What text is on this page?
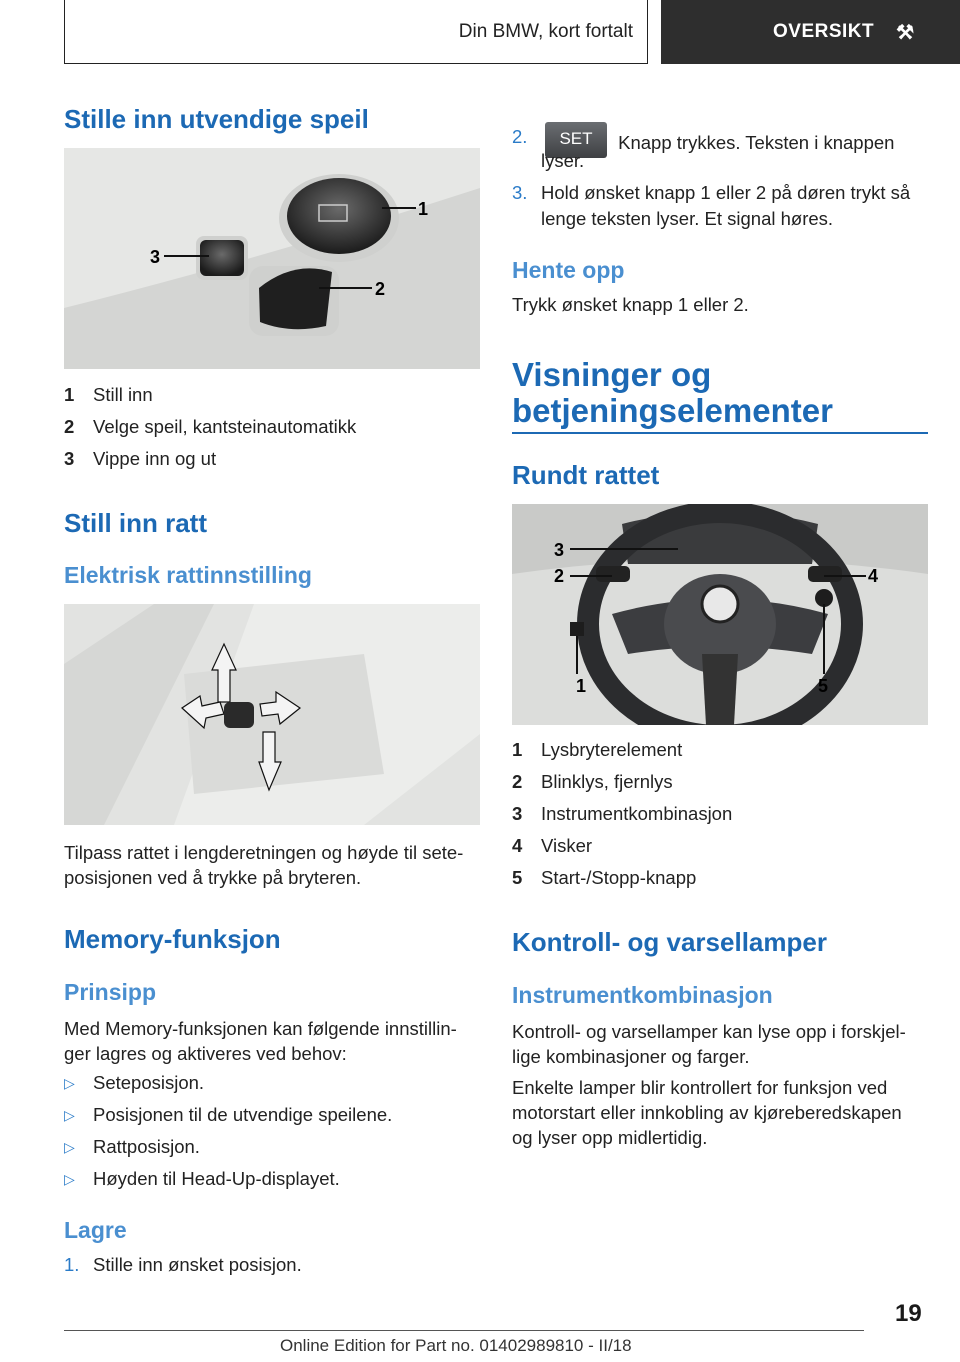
Din BMW, kort fortalt	OVERSIKT ⚒
Stille inn utvendige speil
1
2
3
1 Still inn
2 Velge speil, kantsteinautomatikk
3 Vippe inn og ut
Still inn ratt
Elektrisk rattinnstilling
Tilpass rattet i lengderetningen og høyde til sete-
posisjonen ved å trykke på bryteren.
Memory-funksjon
Prinsipp
Med Memory-funksjonen kan følgende innstillin-
ger lagres og aktiveres ved behov:
▷ Seteposisjon.
▷ Posisjonen til de utvendige speilene.
▷ Rattposisjon.
▷ Høyden til Head-Up-displayet.
Lagre
1. Stille inn ønsket posisjon.
2.	SET Knapp trykkes. Teksten i knappen
lyser.
3. Hold ønsket knapp 1 eller 2 på døren trykt så
lenge teksten lyser. Et signal høres.
Hente opp
Trykk ønsket knapp 1 eller 2.
Visninger og
betjeningselementer
Rundt rattet
1
2
3
4
5
1 Lysbryterelement
2 Blinklys, fjernlys
3 Instrumentkombinasjon
4 Visker
5 Start-/Stopp-knapp
Kontroll- og varsellamper
Instrumentkombinasjon
Kontroll- og varsellamper kan lyse opp i forskjel-
lige kombinasjoner og farger.
Enkelte lamper blir kontrollert for funksjon ved
motorstart eller innkobling av kjøreberedskapen
og lyser opp midlertidig.
19
Online Edition for Part no. 01402989810 - II/18
